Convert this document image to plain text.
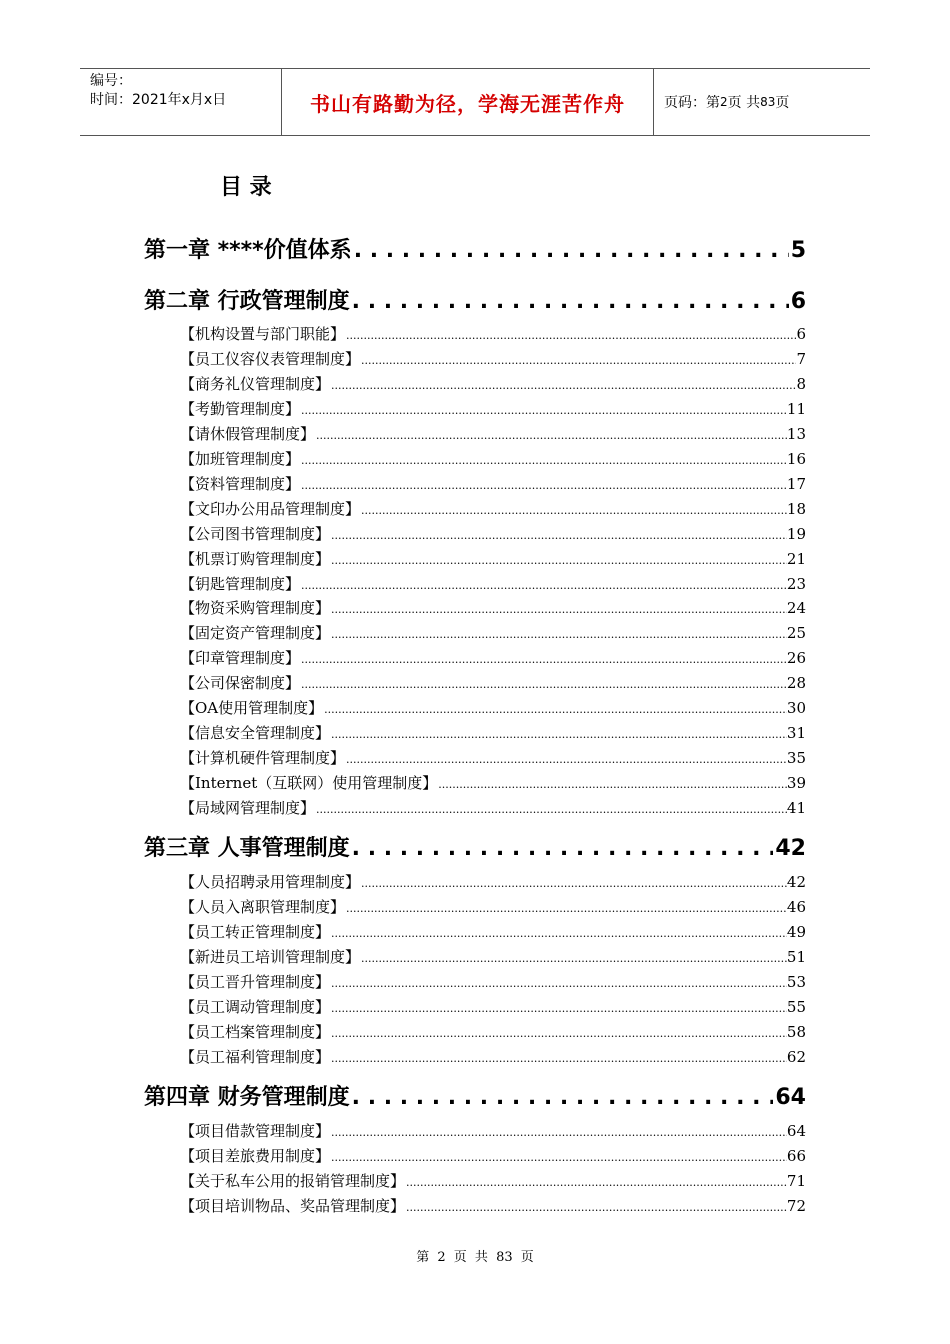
编号：
时间：2021年x月x日	书山有路勤为径，学海无涯苦作舟	页码：第 2 页 共 83 页
目 录
第一章 ****价值体系 . . .	5
第二章 行政管理制度 . . .	6
【机构设置与部门职能】 .....	6
【员工仪容仪表管理制度】 .....	7
【商务礼仪管理制度】 .....	8
【考勤管理制度】 .....	11
【请休假管理制度】 .....	13
【加班管理制度】 .....	16
【资料管理制度】 .....	17
【文印办公用品管理制度】 .....	18
【公司图书管理制度】 .....	19
【机票订购管理制度】 .....	21
【钥匙管理制度】 .....	23
【物资采购管理制度】 .....	24
【固定资产管理制度】 .....	25
【印章管理制度】 .....	26
【公司保密制度】 .....	28
【OA使用管理制度】 .....	30
【信息安全管理制度】 .....	31
【计算机硬件管理制度】 .....	35
【Internet（互联网）使用管理制度】 .....	39
【局域网管理制度】 .....	41
第三章 人事管理制度 . . .	42
【人员招聘录用管理制度】 .....	42
【人员入离职管理制度】 .....	46
【员工转正管理制度】 .....	49
【新进员工培训管理制度】 .....	51
【员工晋升管理制度】 .....	53
【员工调动管理制度】 .....	55
【员工档案管理制度】 .....	58
【员工福利管理制度】 .....	62
第四章 财务管理制度 . . .	64
【项目借款管理制度】 .....	64
【项目差旅费用制度】 .....	66
【关于私车公用的报销管理制度】 .....	71
【项目培训物品、奖品管理制度】 .....	72
第 2 页 共 83 页
